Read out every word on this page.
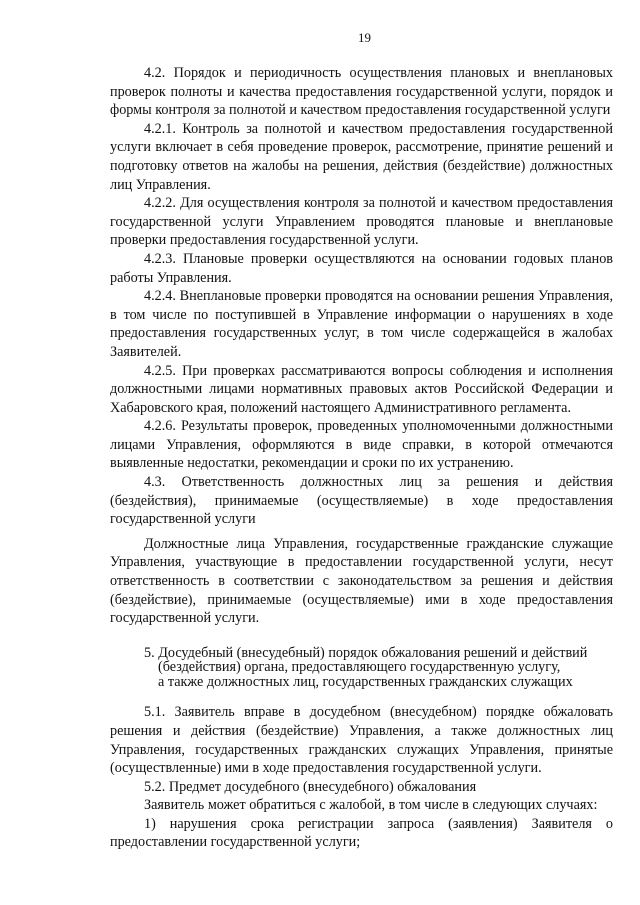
19

4.2. Порядок и периодичность осуществления плановых и внеплановых проверок полноты и качества предоставления государственной услуги, порядок и формы контроля за полнотой и качеством предоставления государственной услуги

4.2.1. Контроль за полнотой и качеством предоставления государственной услуги включает в себя проведение проверок, рассмотрение, принятие решений и подготовку ответов на жалобы на решения, действия (бездействие) должностных лиц Управления.

4.2.2. Для осуществления контроля за полнотой и качеством предоставления государственной услуги Управлением проводятся плановые и внеплановые проверки предоставления государственной услуги.

4.2.3. Плановые проверки осуществляются на основании годовых планов работы Управления.

4.2.4. Внеплановые проверки проводятся на основании решения Управления, в том числе по поступившей в Управление информации о нарушениях в ходе предоставления государственных услуг, в том числе содержащейся в жалобах Заявителей.

4.2.5. При проверках рассматриваются вопросы соблюдения и исполнения должностными лицами нормативных правовых актов Российской Федерации и Хабаровского края, положений настоящего Административного регламента.

4.2.6. Результаты проверок, проведенных уполномоченными должностными лицами Управления, оформляются в виде справки, в которой отмечаются выявленные недостатки, рекомендации и сроки по их устранению.

4.3. Ответственность должностных лиц за решения и действия (бездействия), принимаемые (осуществляемые) в ходе предоставления государственной услуги

Должностные лица Управления, государственные гражданские служащие Управления, участвующие в предоставлении государственной услуги, несут ответственность в соответствии с законодательством за решения и действия (бездействие), принимаемые (осуществляемые) ими в ходе предоставления государственной услуги.

5. Досудебный (внесудебный) порядок обжалования решений и действий
(бездействия) органа, предоставляющего государственную услугу,
а также должностных лиц, государственных гражданских служащих

5.1. Заявитель вправе в досудебном (внесудебном) порядке обжаловать решения и действия (бездействие) Управления, а также должностных лиц Управления, государственных гражданских служащих Управления, принятые (осуществленные) ими в ходе предоставления государственной услуги.

5.2. Предмет досудебного (внесудебного) обжалования

Заявитель может обратиться с жалобой, в том числе в следующих случаях:

1) нарушения срока регистрации запроса (заявления) Заявителя о предоставлении государственной услуги;
